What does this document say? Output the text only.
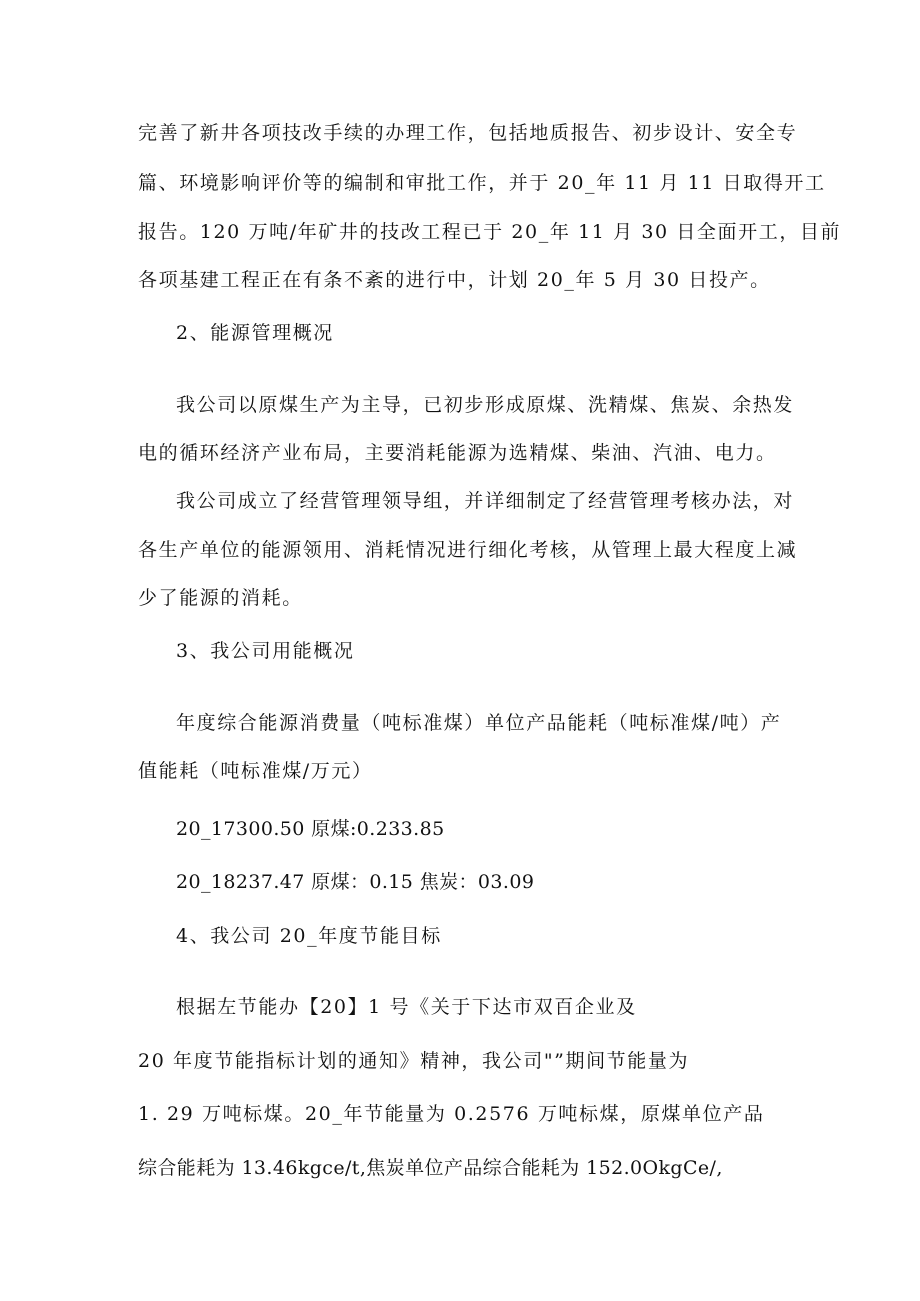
完善了新井各项技改手续的办理工作，包括地质报告、初步设计、安全专
篇、环境影响评价等的编制和审批工作，并于 20_年 11 月 11 日取得开工
报告。120 万吨/年矿井的技改工程已于 20_年 11 月 30 日全面开工，目前
各项基建工程正在有条不紊的进行中，计划 20_年 5 月 30 日投产。
2、能源管理概况
我公司以原煤生产为主导，已初步形成原煤、洗精煤、焦炭、余热发
电的循环经济产业布局，主要消耗能源为选精煤、柴油、汽油、电力。
我公司成立了经营管理领导组，并详细制定了经营管理考核办法，对
各生产单位的能源领用、消耗情况进行细化考核，从管理上最大程度上减
少了能源的消耗。
3、我公司用能概况
年度综合能源消费量（吨标准煤）单位产品能耗（吨标准煤/吨）产
值能耗（吨标准煤/万元）
20_17300.50 原煤:0.233.85
20_18237.47 原煤：0.15 焦炭：03.09
4、我公司 20_年度节能目标
根据左节能办【20】1 号《关于下达市双百企业及
20 年度节能指标计划的通知》精神，我公司"”期间节能量为
1. 29 万吨标煤。20_年节能量为 0.2576 万吨标煤，原煤单位产品
综合能耗为 13.46kgce/t,焦炭单位产品综合能耗为 152.0OkgCe/,
